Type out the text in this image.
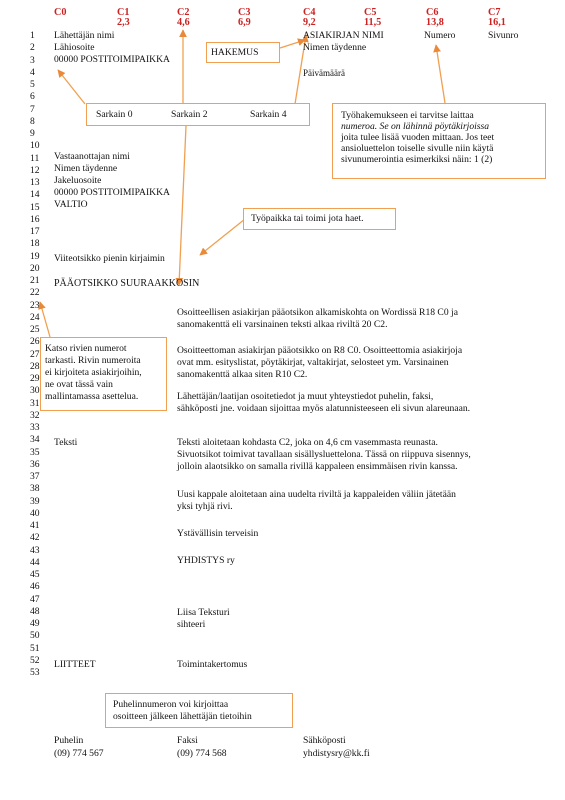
C0	C1
2,3
C2
4,6
C3
6,9
C4
9,2
C5
11,5
C6
13,8
C7
16,1
1
2
3
4
5
6
7
8
9
10
11
12
13
14
15
16
17
18
19
20
21
22
23
24
25
26
27
28
29
30
31
32
33
34
35
36
37
38
39
40
41
42
43
44
45
46
47
48
49
50
51
52
53
Lähettäjän nimi
Lähiosoite
00000 POSTITOIMIPAIKKA
ASIAKIRJAN NIMI
Nimen täydenne
Numero	Sivunro
Päivämäärä
HAKEMUS
Sarkain 0	Sarkain 2	Sarkain 4	Työhakemukseen ei tarvitse laittaa
numeroa. Se on lähinnä pöytäkirjoissa
joita tulee lisää vuoden mittaan. Jos teet
ansioluettelon toiselle sivulle niin käytä
sivunumerointia esimerkiksi näin: 1 (2)
Vastaanottajan nimi
Nimen täydenne
Jakeluosoite
00000 POSTITOIMIPAIKKA
VALTIO
Työpaikka tai toimi jota haet.
Viiteotsikko pienin kirjaimin
PÄÄOTSIKKO SUURAAKKOSIN
Osoitteellisen asiakirjan pääotsikon alkamiskohta on Wordissä R18 C0 ja
sanomakenttä eli varsinainen teksti alkaa riviltä 20 C2.
Katso rivien numerot
tarkasti. Rivin numeroita
ei kirjoiteta asiakirjoihin,
ne ovat tässä vain
mallintamassa asettelua.
Osoitteettoman asiakirjan pääotsikko on R8 C0. Osoitteettomia asiakirjoja
ovat mm. esityslistat, pöytäkirjat, valtakirjat, selosteet ym. Varsinainen
sanomakenttä alkaa siten R10 C2.
Lähettäjän/laatijan osoitetiedot ja muut yhteystiedot puhelin, faksi,
sähköposti jne. voidaan sijoittaa myös alatunnisteeseen eli sivun alareunaan.
Teksti	Teksti aloitetaan kohdasta C2, joka on 4,6 cm vasemmasta reunasta.
Sivuotsikot toimivat tavallaan sisällysluettelona. Tässä on riippuva sisennys,
jolloin alaotsikko on samalla rivillä kappaleen ensimmäisen rivin kanssa.
Uusi kappale aloitetaan aina uudelta riviltä ja kappaleiden väliin jätetään
yksi tyhjä rivi.
Ystävällisin terveisin
YHDISTYS ry
Liisa Teksturi
sihteeri
LIITTEET	Toimintakertomus
Puhelinnumeron voi kirjoittaa
osoitteen jälkeen lähettäjän tietoihin
Puhelin	Faksi	Sähköposti
(09) 774 567	(09) 774 568	yhdistysry@kk.fi
